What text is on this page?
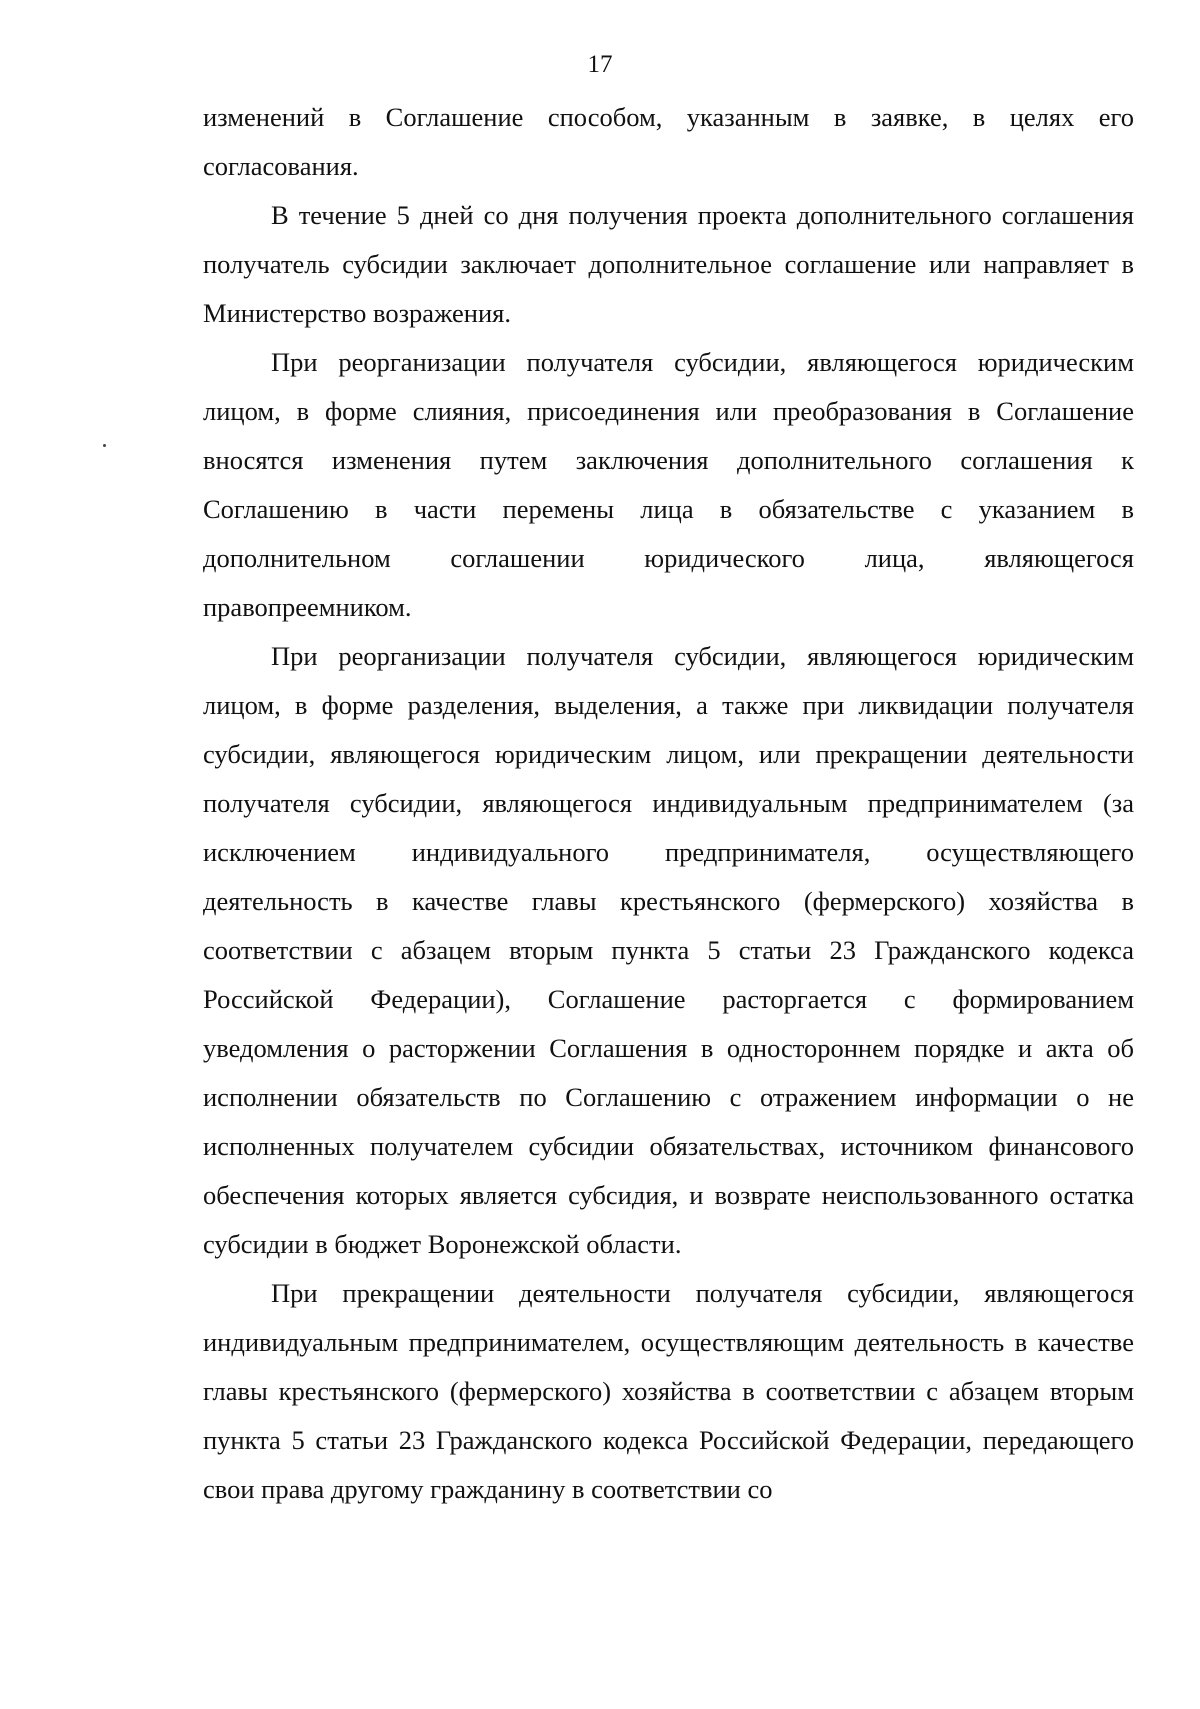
17

изменений в Соглашение способом, указанным в заявке, в целях его согласования.

В течение 5 дней со дня получения проекта дополнительного соглашения получатель субсидии заключает дополнительное соглашение или направляет в Министерство возражения.

При реорганизации получателя субсидии, являющегося юридическим лицом, в форме слияния, присоединения или преобразования в Соглашение вносятся изменения путем заключения дополнительного соглашения к Соглашению в части перемены лица в обязательстве с указанием в дополнительном соглашении юридического лица, являющегося правопреемником.

При реорганизации получателя субсидии, являющегося юридическим лицом, в форме разделения, выделения, а также при ликвидации получателя субсидии, являющегося юридическим лицом, или прекращении деятельности получателя субсидии, являющегося индивидуальным предпринимателем (за исключением индивидуального предпринимателя, осуществляющего деятельность в качестве главы крестьянского (фермерского) хозяйства в соответствии с абзацем вторым пункта 5 статьи 23 Гражданского кодекса Российской Федерации), Соглашение расторгается с формированием уведомления о расторжении Соглашения в одностороннем порядке и акта об исполнении обязательств по Соглашению с отражением информации о не исполненных получателем субсидии обязательствах, источником финансового обеспечения которых является субсидия, и возврате неиспользованного остатка субсидии в бюджет Воронежской области.

При прекращении деятельности получателя субсидии, являющегося индивидуальным предпринимателем, осуществляющим деятельность в качестве главы крестьянского (фермерского) хозяйства в соответствии с абзацем вторым пункта 5 статьи 23 Гражданского кодекса Российской Федерации, передающего свои права другому гражданину в соответствии со
